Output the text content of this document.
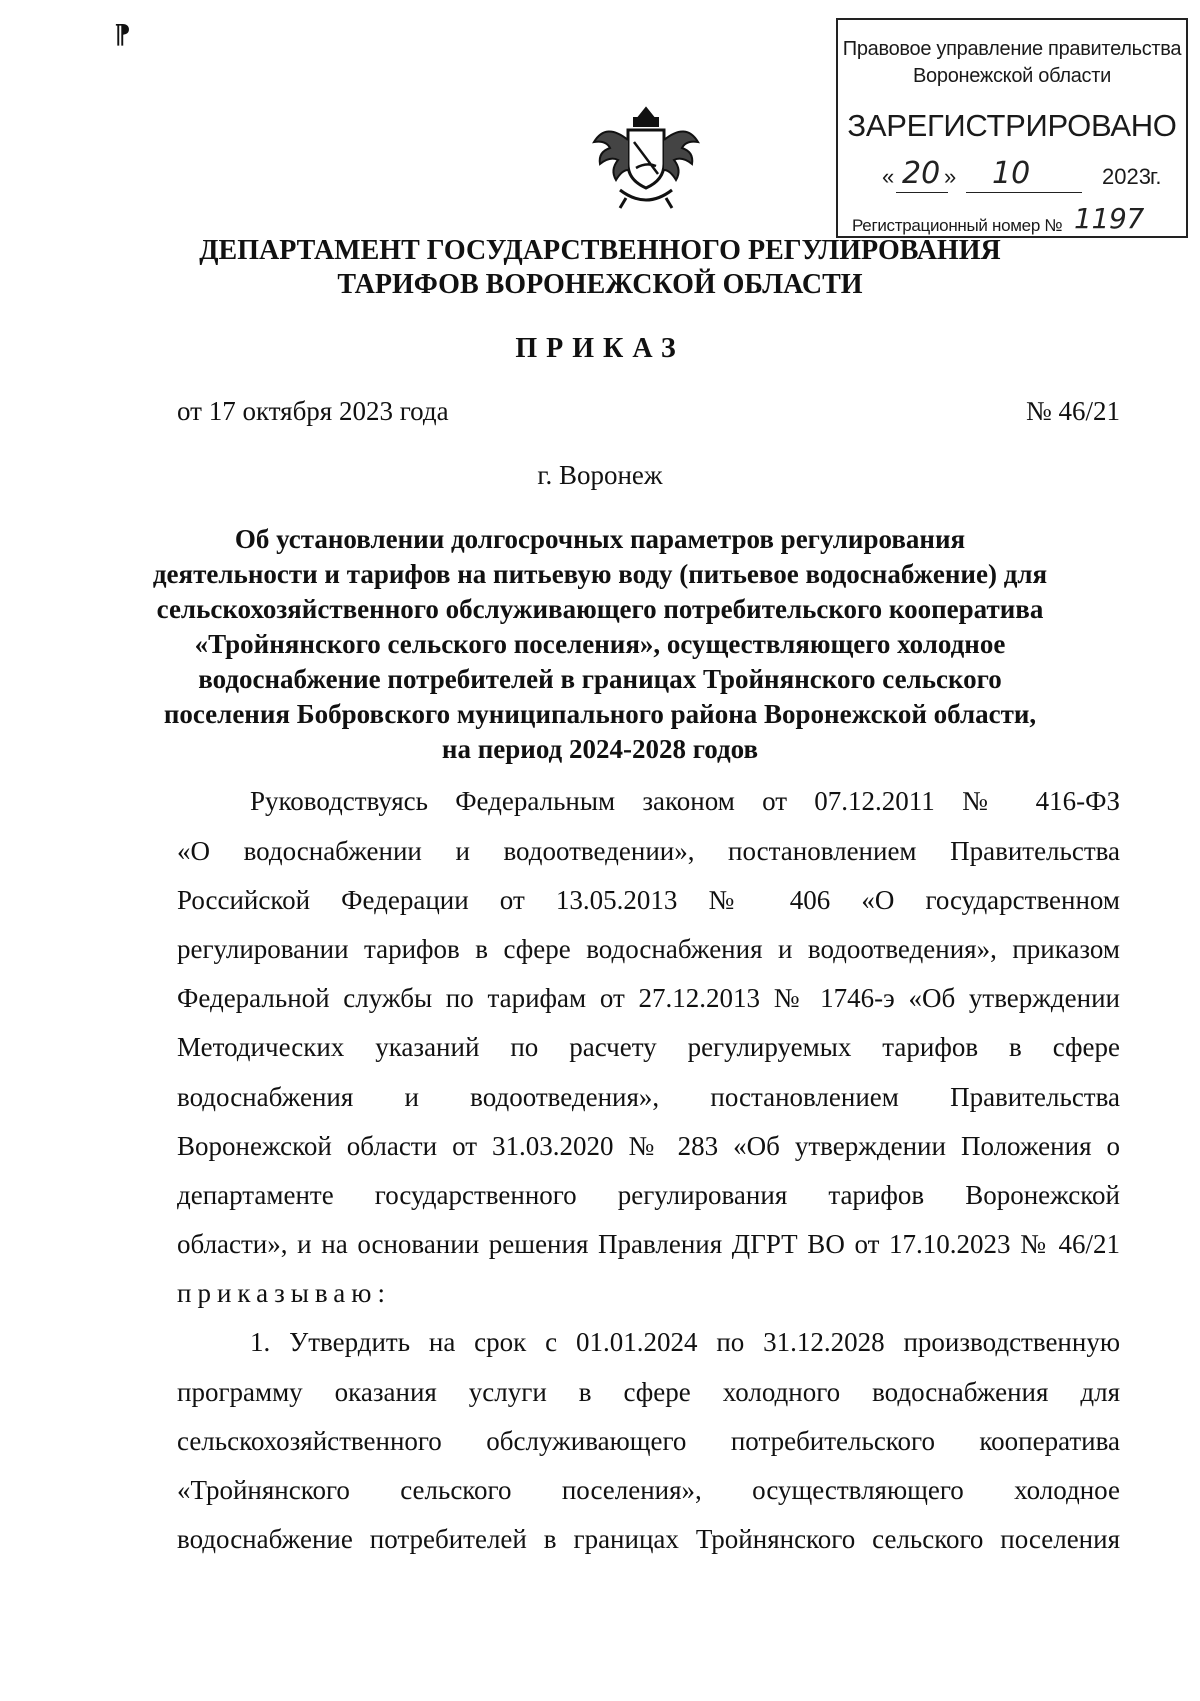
⁋	Правовое управление правительства
Воронежской области
ЗАРЕГИСТРИРОВАНО
« 20 » 10	2023 г.
Регистрационный номер № 1197
ДЕПАРТАМЕНТ ГОСУДАРСТВЕННОГО РЕГУЛИРОВАНИЯ
ТАРИФОВ ВОРОНЕЖСКОЙ ОБЛАСТИ
ПРИКАЗ
от 17 октября 2023 года	№ 46/21
г. Воронеж
Об установлении долгосрочных параметров регулирования
деятельности и тарифов на питьевую воду (питьевое водоснабжение) для
сельскохозяйственного обслуживающего потребительского кооператива
«Тройнянского сельского поселения», осуществляющего холодное
водоснабжение потребителей в границах Тройнянского сельского
поселения Бобровского муниципального района Воронежской области,
на период 2024-2028 годов
Руководствуясь Федеральным законом от 07.12.2011 № 416-ФЗ
«О водоснабжении и водоотведении», постановлением Правительства
Российской Федерации от 13.05.2013 № 406 «О государственном
регулировании тарифов в сфере водоснабжения и водоотведения», приказом
Федеральной службы по тарифам от 27.12.2013 № 1746-э «Об утверждении
Методических указаний по расчету регулируемых тарифов в сфере
водоснабжения и водоотведения», постановлением Правительства
Воронежской области от 31.03.2020 № 283 «Об утверждении Положения о
департаменте государственного регулирования тарифов Воронежской
области», и на основании решения Правления ДГРТ ВО от 17.10.2023 № 46/21
приказываю:
1. Утвердить на срок с 01.01.2024 по 31.12.2028 производственную
программу оказания услуги в сфере холодного водоснабжения для
сельскохозяйственного обслуживающего потребительского кооператива
«Тройнянского сельского поселения», осуществляющего холодное
водоснабжение потребителей в границах Тройнянского сельского поселения
